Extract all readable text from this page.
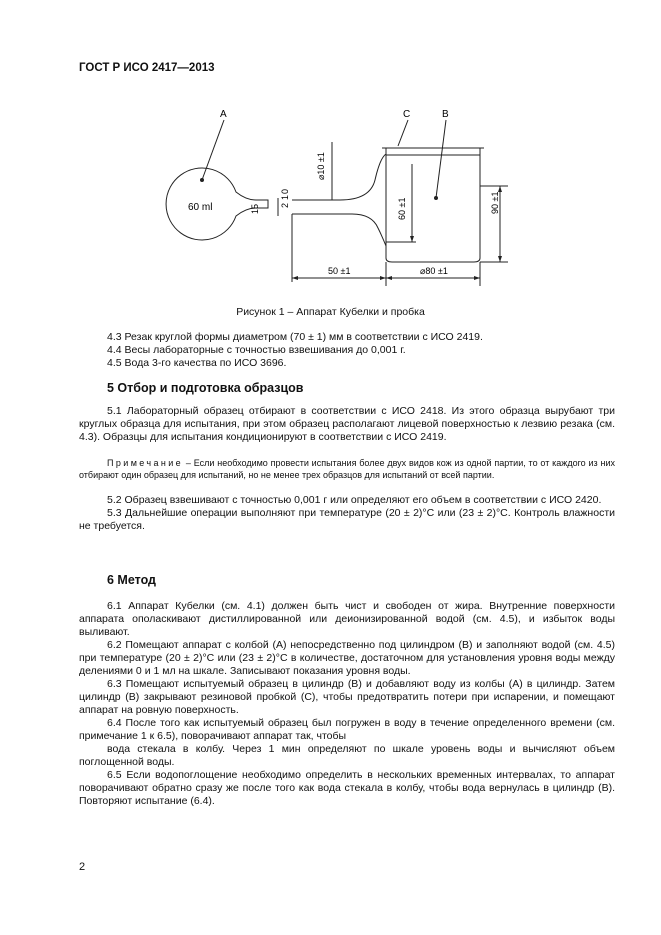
ГОСТ Р ИСО 2417—2013
A	C	B
60 ml
⌀10 ±1
15 2
1
0
60 ±1	90 ±1
50 ±1	⌀80 ±1
Рисунок 1 – Аппарат Кубелки и пробка

4.3 Резак круглой формы диаметром (70 ± 1) мм в соответствии с ИСО 2419.

4.4 Весы лабораторные с точностью взвешивания до 0,001 г.

4.5 Вода 3-го качества по ИСО 3696.

5 Отбор и подготовка образцов

5.1 Лабораторный образец отбирают в соответствии с ИСО 2418. Из этого образца вырубают три круглых образца для испытания, при этом образец располагают лицевой поверхностью к лезвию резака (см. 4.3). Образцы для испытания кондиционируют в соответствии с ИСО 2419.

Примечание – Если необходимо провести испытания более двух видов кож из одной партии, то от каждого из них отбирают один образец для испытаний, но не менее трех образцов для испытаний от всей партии.

5.2 Образец взвешивают с точностью 0,001 г или определяют его объем в соответствии с ИСО 2420.

5.3 Дальнейшие операции выполняют при температуре (20 ± 2)°С или (23 ± 2)°С. Контроль влажности не требуется.

6 Метод

6.1 Аппарат Кубелки (см. 4.1) должен быть чист и свободен от жира. Внутренние поверхности аппарата ополаскивают дистиллированной или деионизированной водой (см. 4.5), и избыток воды выливают.

6.2 Помещают аппарат с колбой (А) непосредственно под цилиндром (В) и заполняют водой (см. 4.5) при температуре (20 ± 2)°С или (23 ± 2)°С в количестве, достаточном для установления уровня воды между делениями 0 и 1 мл на шкале. Записывают показания уровня воды.

6.3 Помещают испытуемый образец в цилиндр (В) и добавляют воду из колбы (А) в цилиндр. Затем цилиндр (В) закрывают резиновой пробкой (С), чтобы предотвратить потери при испарении, и помещают аппарат на ровную поверхность.

6.4 После того как испытуемый образец был погружен в воду в течение определенного времени (см. примечание 1 к 6.5), поворачивают аппарат так, чтобы

вода стекала в колбу. Через 1 мин определяют по шкале уровень воды и вычисляют объем поглощенной воды.

6.5 Если водопоглощение необходимо определить в нескольких временных интервалах, то аппарат поворачивают обратно сразу же после того как вода стекала в колбу, чтобы вода вернулась в цилиндр (В). Повторяют испытание (6.4).

2
